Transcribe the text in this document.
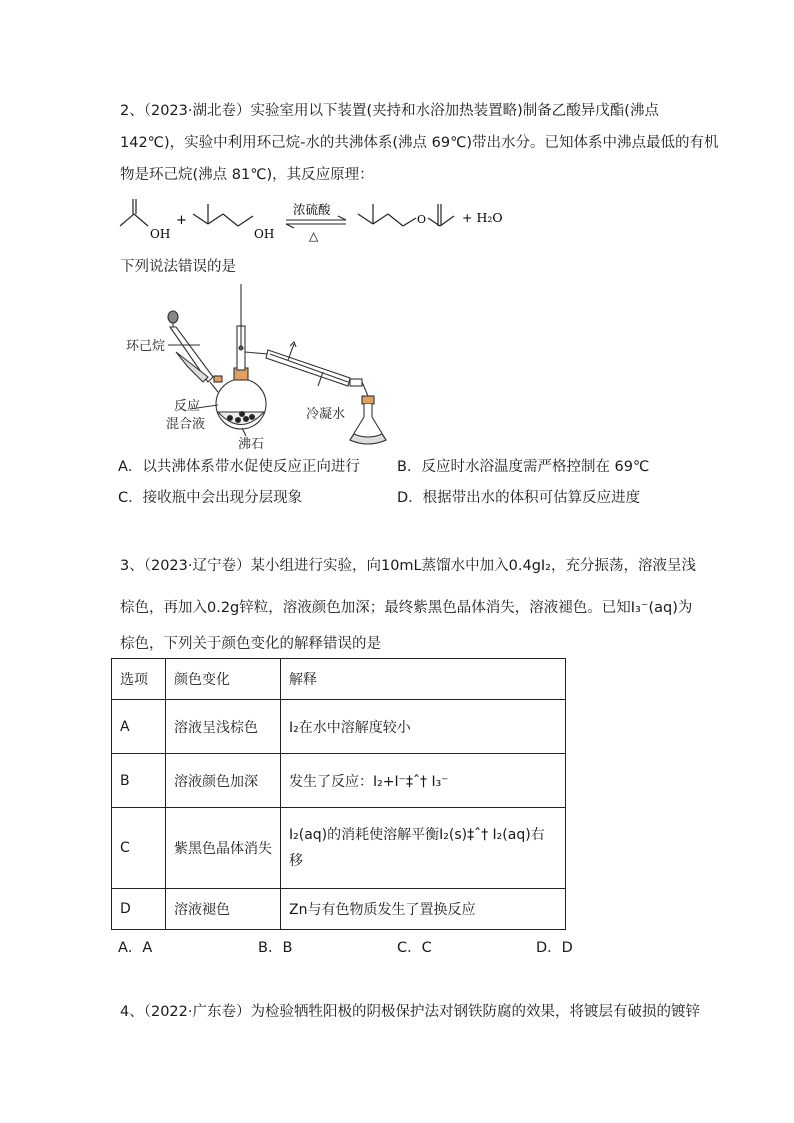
2、（2023·湖北卷）实验室用以下装置(夹持和水浴加热装置略)制备乙酸异戊酯(沸点
142℃)，实验中利用环己烷-水的共沸体系(沸点 69℃)带出水分。已知体系中沸点最低的有机
物是环己烷(沸点 81℃)，其反应原理：
OH
+
OH
浓硫酸
△
O	+ H₂O
下列说法错误的是
环己烷
反应
混合液
沸石
冷凝水
A．以共沸体系带水促使反应正向进行	B．反应时水浴温度需严格控制在 69℃
C．接收瓶中会出现分层现象	D．根据带出水的体积可估算反应进度
3、（2023·辽宁卷）某小组进行实验，向10mL蒸馏水中加入0.4gI₂，充分振荡，溶液呈浅
棕色，再加入0.2g锌粒，溶液颜色加深；最终紫黑色晶体消失，溶液褪色。已知I₃⁻(aq)为
棕色，下列关于颜色变化的解释错误的是
选项	颜色变化	解释
A	溶液呈浅棕色	I₂在水中溶解度较小
B	溶液颜色加深	发生了反应：I₂+I⁻‡ˆ† I₃⁻
C	紫黑色晶体消失	I₂(aq)的消耗使溶解平衡I₂(s)‡ˆ† I₂(aq)右
移
D	溶液褪色	Zn与有色物质发生了置换反应
A．A	B．B	C．C	D．D
4、（2022·广东卷）为检验牺牲阳极的阴极保护法对钢铁防腐的效果，将镀层有破损的镀锌
